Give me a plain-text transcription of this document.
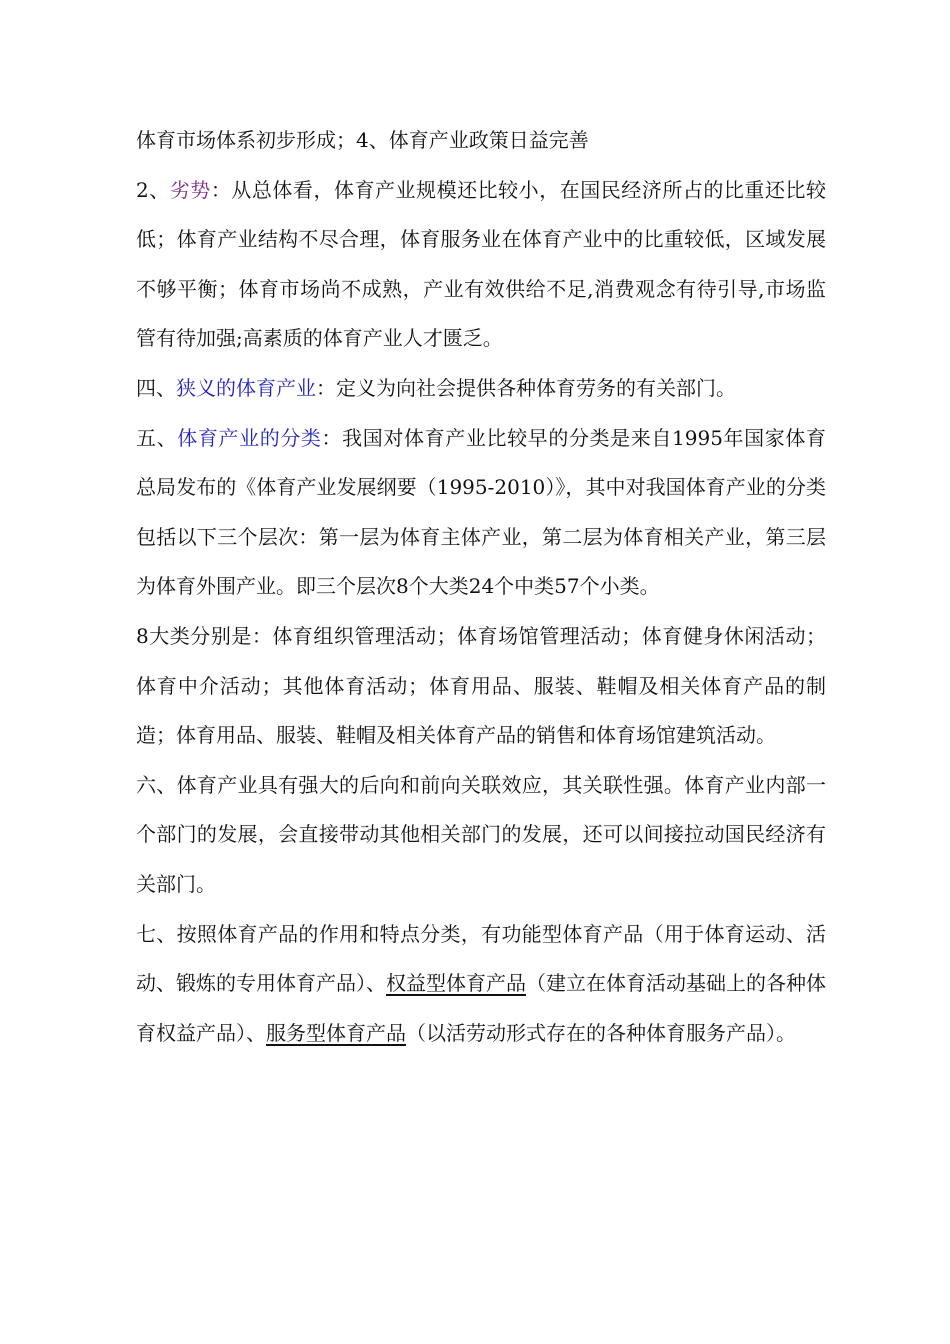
体育市场体系初步形成；4、体育产业政策日益完善

2、劣势：从总体看，体育产业规模还比较小，在国民经济所占的比重还比较低；体育产业结构不尽合理，体育服务业在体育产业中的比重较低，区域发展不够平衡；体育市场尚不成熟，产业有效供给不足,消费观念有待引导,市场监管有待加强;高素质的体育产业人才匮乏。

四、狭义的体育产业：定义为向社会提供各种体育劳务的有关部门。

五、体育产业的分类：我国对体育产业比较早的分类是来自1995年国家体育总局发布的《体育产业发展纲要（1995-2010）》，其中对我国体育产业的分类包括以下三个层次：第一层为体育主体产业，第二层为体育相关产业，第三层为体育外围产业。即三个层次8个大类24个中类57个小类。

8大类分别是：体育组织管理活动；体育场馆管理活动；体育健身休闲活动；体育中介活动；其他体育活动；体育用品、服装、鞋帽及相关体育产品的制造；体育用品、服装、鞋帽及相关体育产品的销售和体育场馆建筑活动。

六、体育产业具有强大的后向和前向关联效应，其关联性强。体育产业内部一个部门的发展，会直接带动其他相关部门的发展，还可以间接拉动国民经济有关部门。

七、按照体育产品的作用和特点分类，有功能型体育产品（用于体育运动、活动、锻炼的专用体育产品）、权益型体育产品（建立在体育活动基础上的各种体育权益产品）、服务型体育产品（以活劳动形式存在的各种体育服务产品）。
